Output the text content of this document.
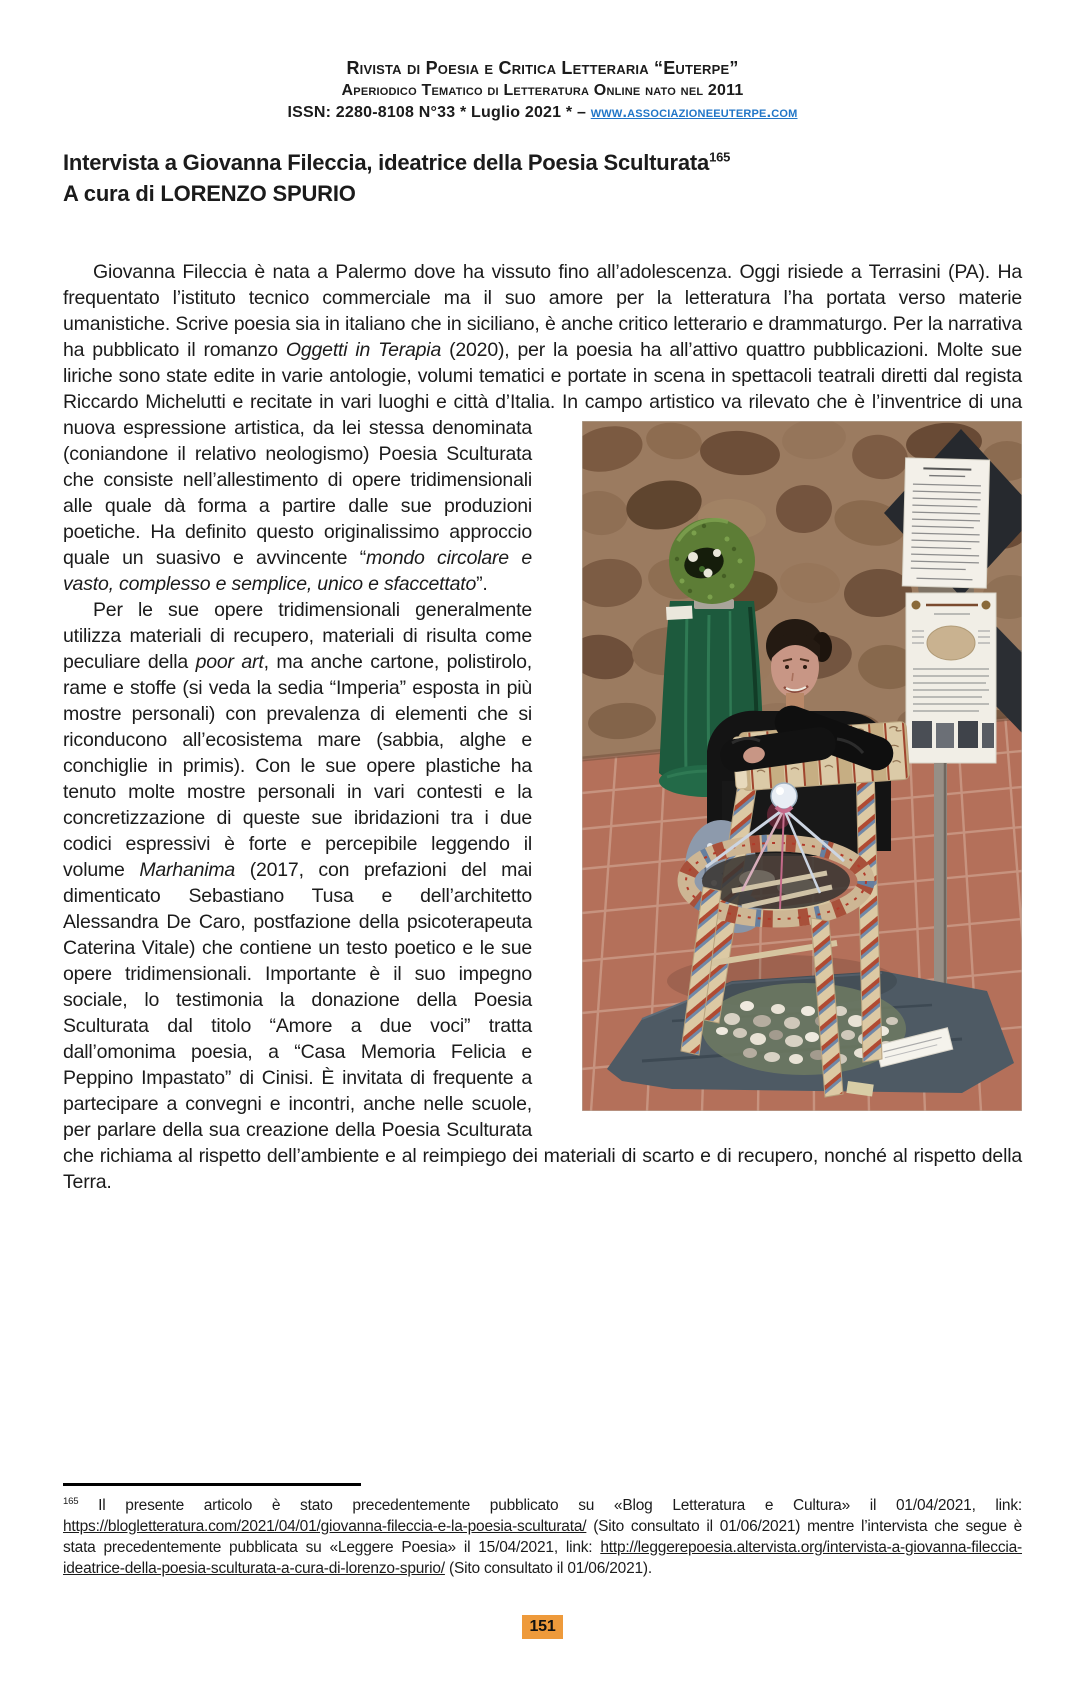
Rivista di Poesia e Critica Letteraria “Euterpe”
Aperiodico Tematico di Letteratura Online nato nel 2011
ISSN: 2280-8108 N°33 * Luglio 2021 * – www.associazioneeuterpe.com
Intervista a Giovanna Fileccia, ideatrice della Poesia Sculturata$^{165}$
A cura di LORENZO SPURIO

Giovanna Fileccia è nata a Palermo dove ha vissuto fino all’adolescenza. Oggi risiede a Terrasini (PA). Ha frequentato l’istituto tecnico commerciale ma il suo amore per la letteratura l’ha portata verso materie umanistiche. Scrive poesia sia in italiano che in siciliano, è anche critico letterario e drammaturgo. Per la narrativa ha pubblicato il romanzo Oggetti in Terapia (2020), per la poesia ha all’attivo quattro pubblicazioni. Molte sue liriche sono state edite in varie antologie, volumi tematici e portate in scena in spettacoli teatrali diretti dal regista Riccardo Michelutti e recitate in vari luoghi e città d’Italia. In campo artistico va rilevato che è l’inventrice di una nuova espressione artistica, da lei stessa
denominata (coniandone il relativo neologismo) Poesia Sculturata che consiste nell’allestimento di opere tridimensionali alle quale dà forma a partire dalle sue produzioni poetiche. Ha definito questo originalissimo approccio quale un suasivo e avvincente “mondo circolare e vasto, complesso e semplice, unico e sfaccettato”.

Per le sue opere tridimensionali generalmente utilizza materiali di recupero, materiali di risulta come peculiare della poor art, ma anche cartone, polistirolo, rame e stoffe (si veda la sedia “Imperia” esposta in più mostre personali) con prevalenza di elementi che si riconducono all’ecosistema mare (sabbia, alghe e conchiglie in primis). Con le sue opere plastiche ha tenuto molte mostre personali in vari contesti e la concretizzazione di queste sue ibridazioni tra i due codici espressivi è forte e percepibile leggendo il volume Marhanima (2017, con prefazioni del mai dimenticato Sebastiano Tusa e dell’architetto Alessandra De Caro, postfazione della psicoterapeuta Caterina Vitale) che contiene un testo poetico e le sue opere tridimensionali. Importante è il suo impegno sociale, lo testimonia la donazione della Poesia Sculturata dal titolo “Amore a due voci” tratta dall’omonima poesia, a “Casa Memoria Felicia e Peppino Impastato” di Cinisi. È invitata di frequente a partecipare a convegni e incontri, anche nelle scuole, per parlare della sua creazione della Poesia Sculturata che richiama al rispetto dell’ambiente e al reimpiego dei materiali di scarto e di recupero, nonché al rispetto della Terra.

$^{165}$ Il presente articolo è stato precedentemente pubblicato su «Blog Letteratura e Cultura» il 01/04/2021, link: https://blogletteratura.com/2021/04/01/giovanna-fileccia-e-la-poesia-sculturata/ (Sito consultato il 01/06/2021) mentre l’intervista che segue è stata precedentemente pubblicata su «Leggere Poesia» il 15/04/2021, link: http://leggerepoesia.altervista.org/intervista-a-giovanna-fileccia-ideatrice-della-poesia-sculturata-a-cura-di-lorenzo-spurio/ (Sito consultato il 01/06/2021).

151
